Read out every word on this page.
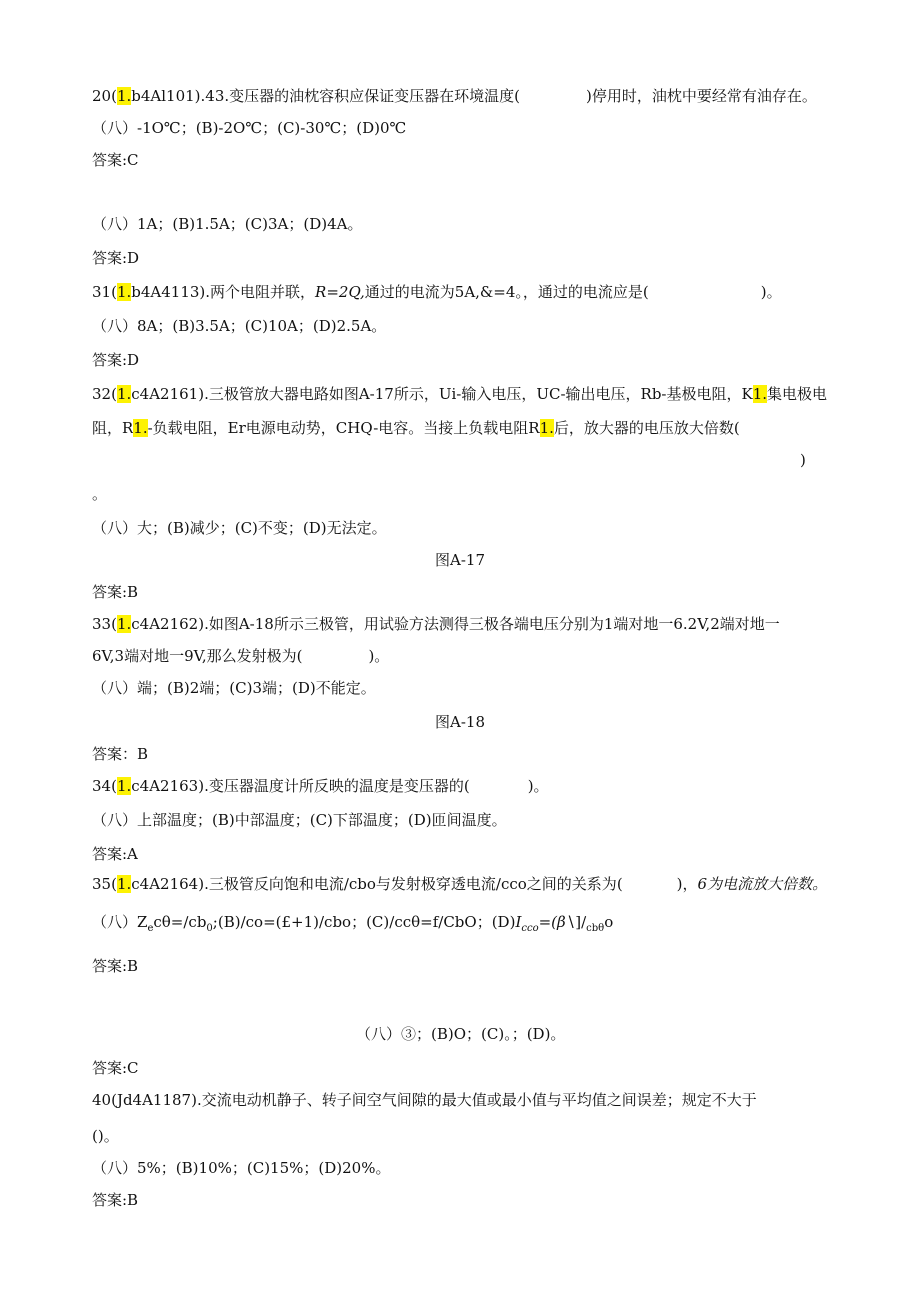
20(1.b4Al101).43.变压器的油枕容积应保证变压器在环境温度(	)停用时，油枕中要经常有油存在。
（八）-1O℃；(B)-2O℃；(C)-30℃；(D)0℃
答案:C
（八）1A；(B)1.5A；(C)3A；(D)4A。
答案:D
31(1.b4A4113).两个电阻并联，R=2Q,通过的电流为5A,&=4。，通过的电流应是(	)。
（八）8A；(B)3.5A；(C)10A；(D)2.5A。
答案:D
32(1.c4A2161).三极管放大器电路如图A-17所示，Ui-输入电压，UC-输出电压，Rb-基极电阻，K1.集电极电
阻，R1.-负载电阻，Er电源电动势，CHQ-电容。当接上负载电阻R1.后，放大器的电压放大倍数(
)
。
（八）大；(B)减少；(C)不变；(D)无法定。
图A-17
答案:B
33(1.c4A2162).如图A-18所示三极管，用试验方法测得三极各端电压分别为1端对地一6.2V,2端对地一
6V,3端对地一9V,那么发射极为(	)。
（八）端；(B)2端；(C)3端；(D)不能定。
图A-18
答案：B
34(1.c4A2163).变压器温度计所反映的温度是变压器的(	)。
（八）上部温度；(B)中部温度；(C)下部温度；(D)匝间温度。
答案:A
35(1.c4A2164).三极管反向饱和电流∕cbo与发射极穿透电流∕cco之间的关系为(	)，6为电流放大倍数。
（八）$Z_ec\theta=∕cb_0;(B)∕co=(£+1)$/cbo；(C)∕ccθ=f∕CbO；$(D)I_{cco}=(\beta∖]∕_{cb\theta}o$
答案:B
（八）③；(B)O；(C)。；(D)。
答案:C
40(Jd4A1187).交流电动机静子、转子间空气间隙的最大值或最小值与平均值之间误差；规定不大于
()。
（八）5%；(B)10%；(C)15%；(D)20%。
答案:B
